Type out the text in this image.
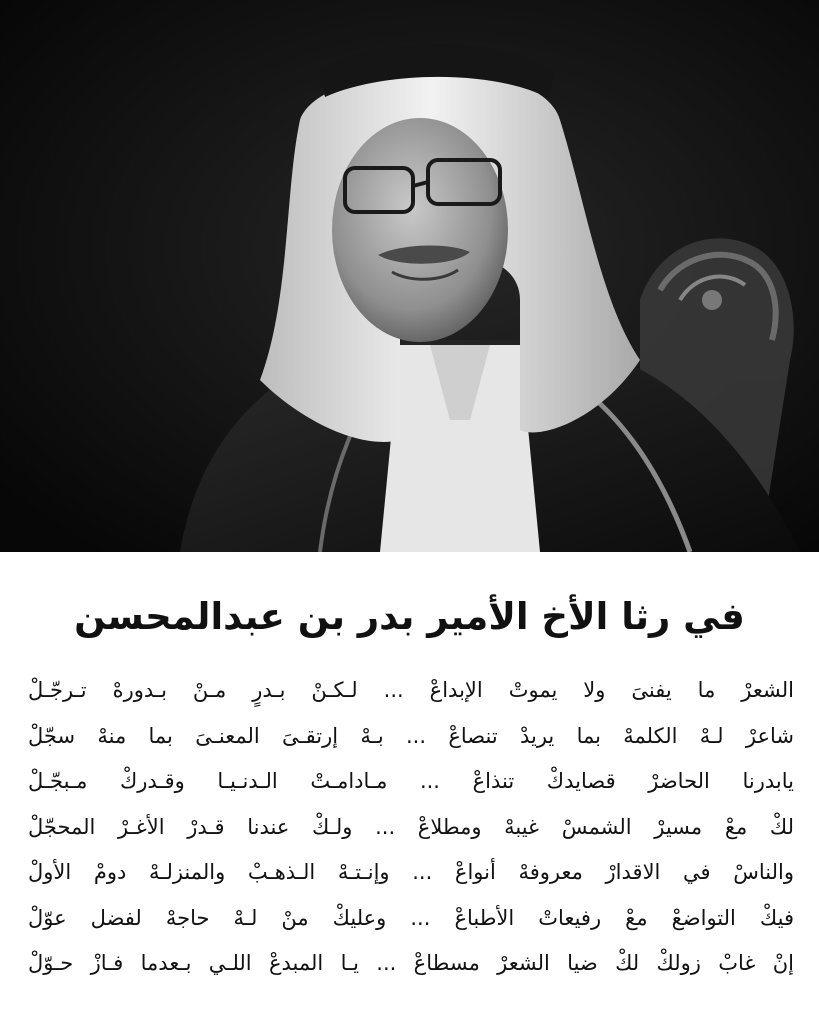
في رثا الأخ الأمير بدر بن عبدالمحسن
الشعرْ ما يفنىَ ولا يموتْ الإبداعْ ... لـكـنْ بـدرٍ مـنْ بـدورهْ تـرجّـلْ
شاعرْ لـهْ الكلمهْ بما يريدْ تنصاعْ ... بـهْ إرتقـىَ المعنـىَ بما منهْ سجّلْ
يابدرنا الحاضرْ قصايدكْ تنذاعْ ... مـادامـتْ الـدنـيـا وقـدركْ مـبجّـلْ
لكْ معْ مسيرْ الشمسْ غيبهْ ومطلاعْ ... ولـكْ عندنا قـدرْ الأغـرْ المحجّلْ
والناسْ في الاقدارْ معروفهْ أنواعْ ... وإنـتـهْ الـذهـبْ والمنزلـهْ دومْ الأولْ
فيكْ التواضعْ معْ رفيعاتْ الأطباعْ ... وعليكْ منْ لـهْ حاجهْ لفضل عوّلْ
إنْ غابْ زولكْ لكْ ضيا الشعرْ مسطاعْ ... يـا المبدعْ اللـي بـعدما فـازْ حـوّلْ
